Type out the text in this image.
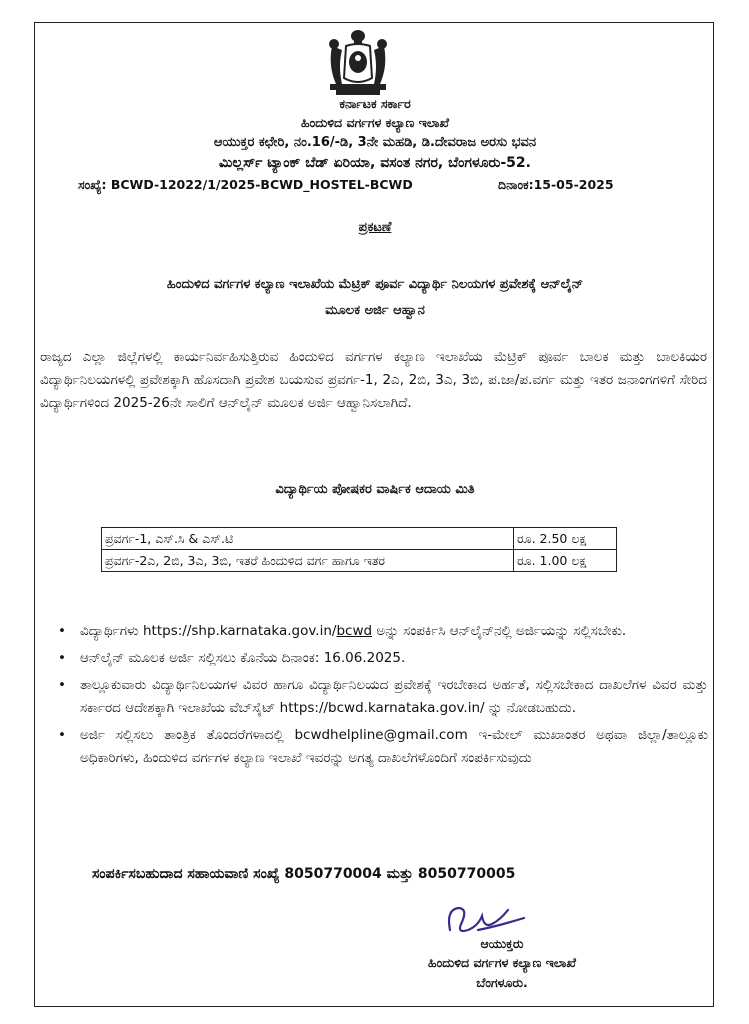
ಕರ್ನಾಟಕ ಸರ್ಕಾರ
ಹಿಂದುಳಿದ ವರ್ಗಗಳ ಕಲ್ಯಾಣ ಇಲಾಖೆ
ಆಯುಕ್ತರ ಕಛೇರಿ, ನಂ.16/-ಡಿ, 3ನೇ ಮಹಡಿ, ಡಿ.ದೇವರಾಜ ಅರಸು ಭವನ
ಮಿಲ್ಲರ್ಸ್ ಟ್ಯಾಂಕ್ ಬೆಡ್ ಏರಿಯಾ, ವಸಂತ ನಗರ, ಬೆಂಗಳೂರು-52.
ಸಂಖ್ಯೆ: BCWD-12022/1/2025-BCWD_HOSTEL-BCWD	ದಿನಾಂಕ:15-05-2025
ಪ್ರಕಟಣೆ
ಹಿಂದುಳಿದ ವರ್ಗಗಳ ಕಲ್ಯಾಣ ಇಲಾಖೆಯ ಮೆಟ್ರಿಕ್ ಪೂರ್ವ ವಿದ್ಯಾರ್ಥಿ ನಿಲಯಗಳ ಪ್ರವೇಶಕ್ಕೆ ಆನ್‌ಲೈನ್
ಮೂಲಕ ಅರ್ಜಿ ಆಹ್ವಾನ
ರಾಜ್ಯದ ಎಲ್ಲಾ ಜಿಲ್ಲೆಗಳಲ್ಲಿ ಕಾರ್ಯನಿರ್ವಹಿಸುತ್ತಿರುವ ಹಿಂದುಳಿದ ವರ್ಗಗಳ ಕಲ್ಯಾಣ ಇಲಾಖೆಯ ಮೆಟ್ರಿಕ್ ಪೂರ್ವ ಬಾಲಕ ಮತ್ತು ಬಾಲಕಿಯರ ವಿದ್ಯಾರ್ಥಿನಿಲಯಗಳಲ್ಲಿ ಪ್ರವೇಶಕ್ಕಾಗಿ ಹೊಸದಾಗಿ ಪ್ರವೇಶ ಬಯಸುವ ಪ್ರವರ್ಗ-1, 2ಎ, 2ಬಿ, 3ಎ, 3ಬಿ, ಪ.ಜಾ/ಪ.ವರ್ಗ ಮತ್ತು ಇತರ ಜನಾಂಗಗಳಿಗೆ ಸೇರಿದ ವಿದ್ಯಾರ್ಥಿಗಳಿಂದ 2025-26ನೇ ಸಾಲಿಗೆ ಆನ್‌ಲೈನ್ ಮೂಲಕ ಅರ್ಜಿ ಆಹ್ವಾನಿಸಲಾಗಿದೆ.
ವಿದ್ಯಾರ್ಥಿಯ ಪೋಷಕರ ವಾರ್ಷಿಕ ಆದಾಯ ಮಿತಿ
ಪ್ರವರ್ಗ-1, ಎಸ್.ಸಿ & ಎಸ್.ಟಿ	ರೂ. 2.50 ಲಕ್ಷ
ಪ್ರವರ್ಗ-2ಎ, 2ಬಿ, 3ಎ, 3ಬಿ, ಇತರೆ ಹಿಂದುಳಿದ ವರ್ಗ ಹಾಗೂ ಇತರ	ರೂ. 1.00 ಲಕ್ಷ
• ವಿದ್ಯಾರ್ಥಿಗಳು https://shp.karnataka.gov.in/bcwd ಅನ್ನು ಸಂಪರ್ಕಿಸಿ ಆನ್‌ಲೈನ್‌ನಲ್ಲಿ ಅರ್ಜಿಯನ್ನು ಸಲ್ಲಿಸಬೇಕು.
• ಆನ್‌ಲೈನ್ ಮೂಲಕ ಅರ್ಜಿ ಸಲ್ಲಿಸಲು ಕೊನೆಯ ದಿನಾಂಕ: 16.06.2025.
• ತಾಲ್ಲೂಕುವಾರು ವಿದ್ಯಾರ್ಥಿನಿಲಯಗಳ ವಿವರ ಹಾಗೂ ವಿದ್ಯಾರ್ಥಿನಿಲಯದ ಪ್ರವೇಶಕ್ಕೆ ಇರಬೇಕಾದ ಅರ್ಹತೆ, ಸಲ್ಲಿಸಬೇಕಾದ ದಾಖಲೆಗಳ ವಿವರ ಮತ್ತು ಸರ್ಕಾರದ ಆದೇಶಕ್ಕಾಗಿ ಇಲಾಖೆಯ ವೆಬ್‌ಸೈಟ್ https://bcwd.karnataka.gov.in/ ನ್ನು ನೋಡಬಹುದು.
• ಅರ್ಜಿ ಸಲ್ಲಿಸಲು ತಾಂತ್ರಿಕ ತೊಂದರೆಗಳಾದಲ್ಲಿ bcwdhelpline@gmail.com ಇ-ಮೇಲ್ ಮುಖಾಂತರ ಅಥವಾ ಜಿಲ್ಲಾ/ತಾಲ್ಲೂಕು ಅಧಿಕಾರಿಗಳು, ಹಿಂದುಳಿದ ವರ್ಗಗಳ ಕಲ್ಯಾಣ ಇಲಾಖೆ ಇವರನ್ನು ಅಗತ್ಯ ದಾಖಲೆಗಳೊಂದಿಗೆ ಸಂಪರ್ಕಿಸುವುದು
ಸಂಪರ್ಕಿಸಬಹುದಾದ ಸಹಾಯವಾಣಿ ಸಂಖ್ಯೆ 8050770004 ಮತ್ತು 8050770005
ಆಯುಕ್ತರು
ಹಿಂದುಳಿದ ವರ್ಗಗಳ ಕಲ್ಯಾಣ ಇಲಾಖೆ
ಬೆಂಗಳೂರು.
